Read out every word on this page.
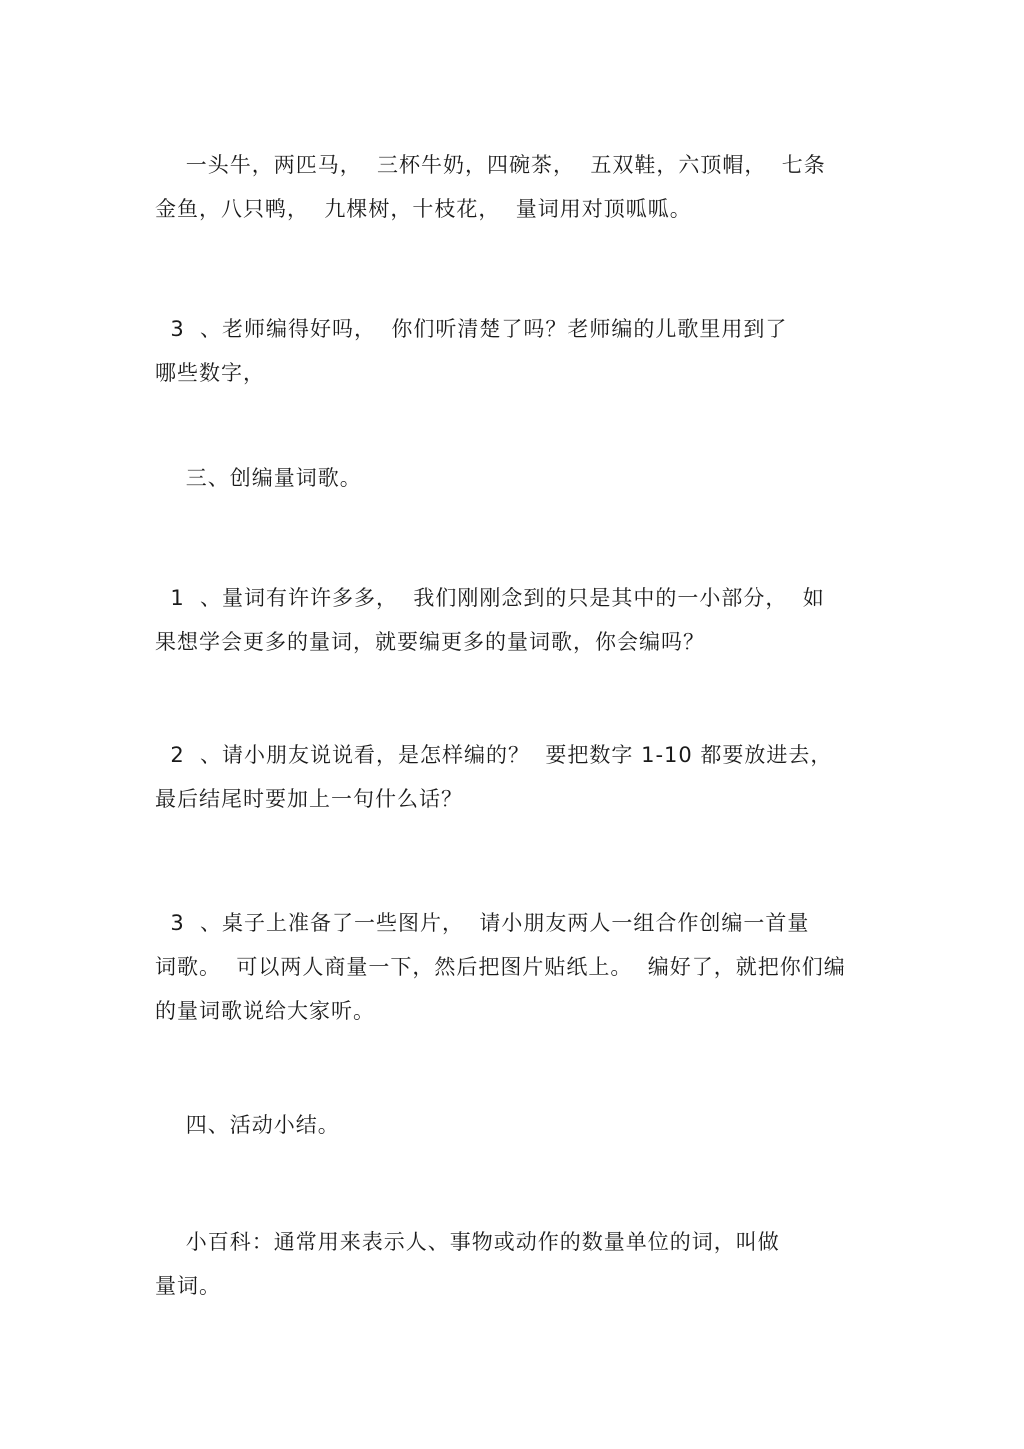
一头牛，两匹马，  三杯牛奶，四碗茶，  五双鞋，六顶帽，  七条
金鱼，八只鸭，  九棵树，十枝花，  量词用对顶呱呱。

3  、老师编得好吗，  你们听清楚了吗？老师编的儿歌里用到了
哪些数字，

三、创编量词歌。

1  、量词有许许多多，  我们刚刚念到的只是其中的一小部分，  如
果想学会更多的量词，就要编更多的量词歌，你会编吗？

2  、请小朋友说说看，是怎样编的？  要把数字 1-10 都要放进去，
最后结尾时要加上一句什么话？

3  、桌子上准备了一些图片，  请小朋友两人一组合作创编一首量
词歌。  可以两人商量一下，然后把图片贴纸上。  编好了，就把你们编
的量词歌说给大家听。

四、活动小结。

小百科：通常用来表示人、事物或动作的数量单位的词，叫做
量词。
